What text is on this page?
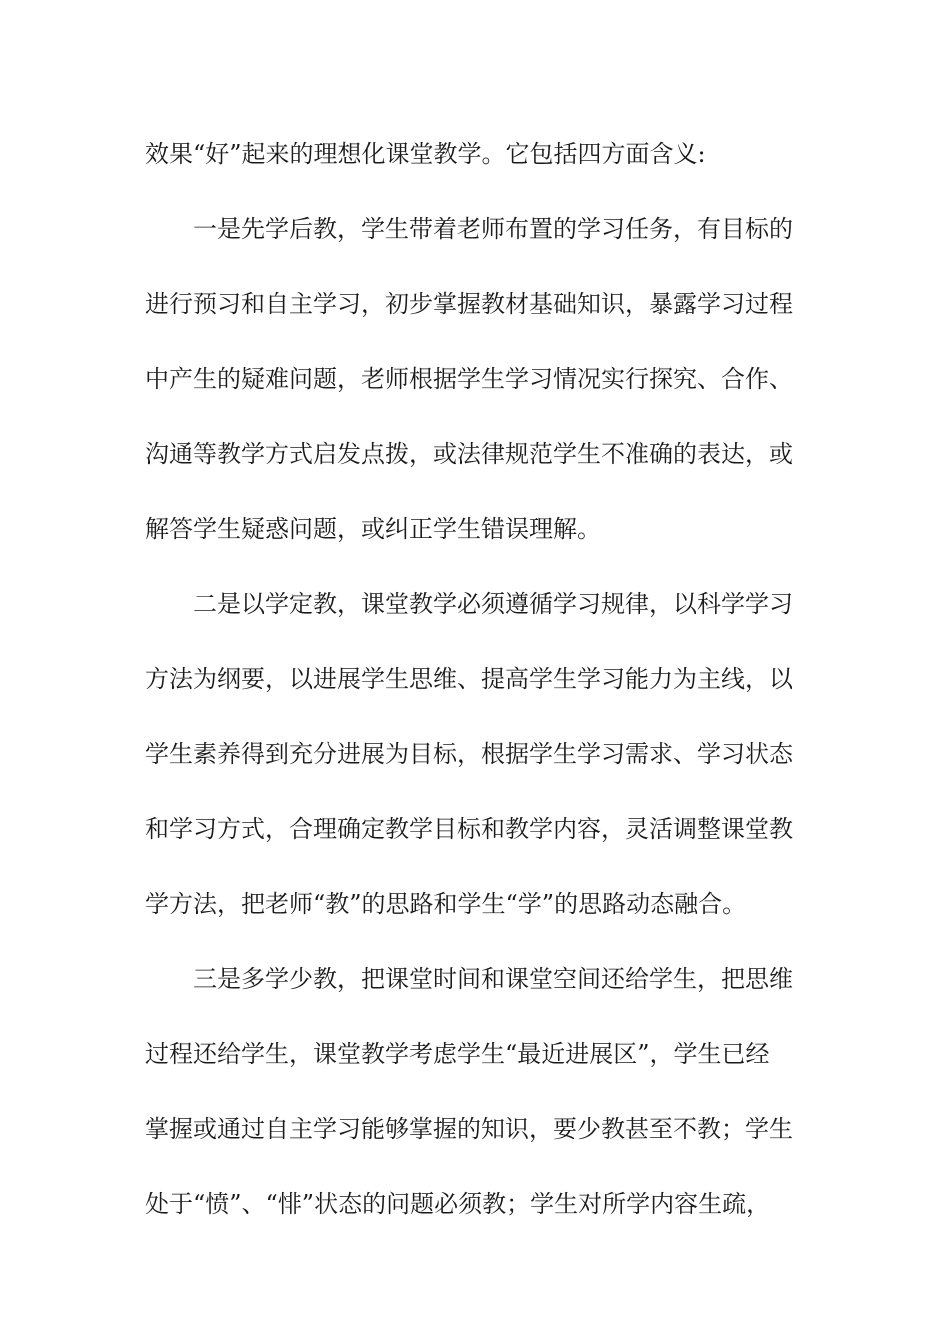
效果“好”起来的理想化课堂教学。它包括四方面含义:
一是先学后教，学生带着老师布置的学习任务，有目标的
进行预习和自主学习，初步掌握教材基础知识，暴露学习过程
中产生的疑难问题，老师根据学生学习情况实行探究、合作、
沟通等教学方式启发点拨，或法律规范学生不准确的表达，或
解答学生疑惑问题，或纠正学生错误理解。
二是以学定教，课堂教学必须遵循学习规律，以科学学习
方法为纲要，以进展学生思维、提高学生学习能力为主线，以
学生素养得到充分进展为目标，根据学生学习需求、学习状态
和学习方式，合理确定教学目标和教学内容，灵活调整课堂教
学方法，把老师“教”的思路和学生“学”的思路动态融合。
三是多学少教，把课堂时间和课堂空间还给学生，把思维
过程还给学生，课堂教学考虑学生“最近进展区”，学生已经
掌握或通过自主学习能够掌握的知识，要少教甚至不教；学生
处于“愤”、“悱”状态的问题必须教；学生对所学内容生疏，
